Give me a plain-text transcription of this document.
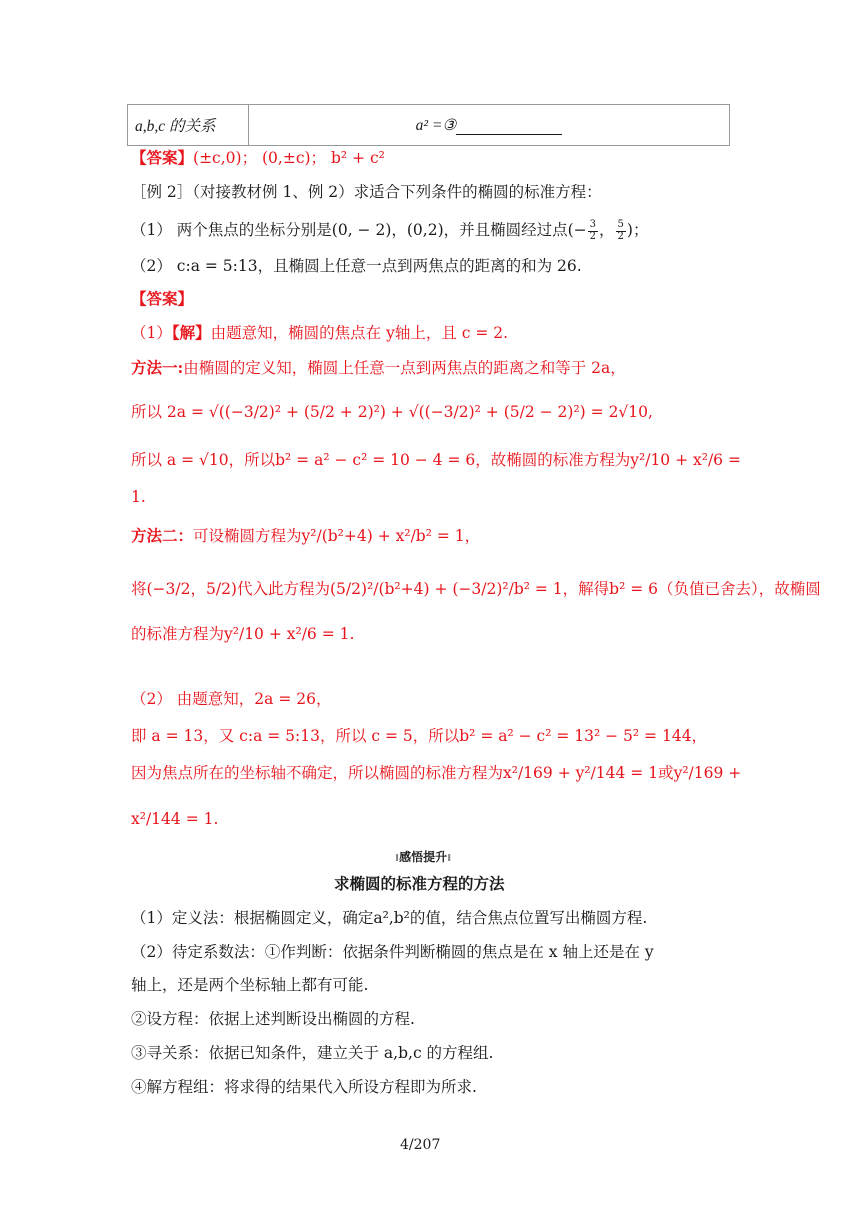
a,b,c 的关系	a² =③
【答案】(±c,0)； (0,±c)； b² + c²
［例 2］（对接教材例 1、例 2）求适合下列条件的椭圆的标准方程：
（1） 两个焦点的坐标分别是(0, − 2)，(0,2)，并且椭圆经过点(− $\frac{3}{2}$ ， $\frac{5}{2}$ )；
（2） c:a = 5:13，且椭圆上任意一点到两焦点的距离的和为 26.
【答案】
（1）【解】由题意知，椭圆的焦点在 y轴上，且 c = 2.
方法一:由椭圆的定义知，椭圆上任意一点到两焦点的距离之和等于 2a，
所以 2a = √((−3/2)² + (5/2 + 2)²) + √((−3/2)² + (5/2 − 2)²) = 2√10,
所以 a = √10，所以b² = a² − c² = 10 − 4 = 6，故椭圆的标准方程为y²/10 + x²/6 =
1.
方法二：可设椭圆方程为y²/(b²+4) + x²/b² = 1，
将(−3/2，5/2)代入此方程为(5/2)²/(b²+4) + (−3/2)²/b² = 1，解得b² = 6（负值已舍去），故椭圆
的标准方程为y²/10 + x²/6 = 1.
（2） 由题意知，2a = 26，
即 a = 13，又 c:a = 5:13，所以 c = 5，所以b² = a² − c² = 13² − 5² = 144，
因为焦点所在的坐标轴不确定，所以椭圆的标准方程为x²/169 + y²/144 = 1或y²/169 +
x²/144 = 1.
ı感悟提升ı
求椭圆的标准方程的方法
（1）定义法：根据椭圆定义，确定a²,b²的值，结合焦点位置写出椭圆方程.
（2）待定系数法：①作判断：依据条件判断椭圆的焦点是在 x 轴上还是在 y
轴上，还是两个坐标轴上都有可能.
②设方程：依据上述判断设出椭圆的方程.
③寻关系：依据已知条件，建立关于 a,b,c 的方程组.
④解方程组：将求得的结果代入所设方程即为所求.
4/207
